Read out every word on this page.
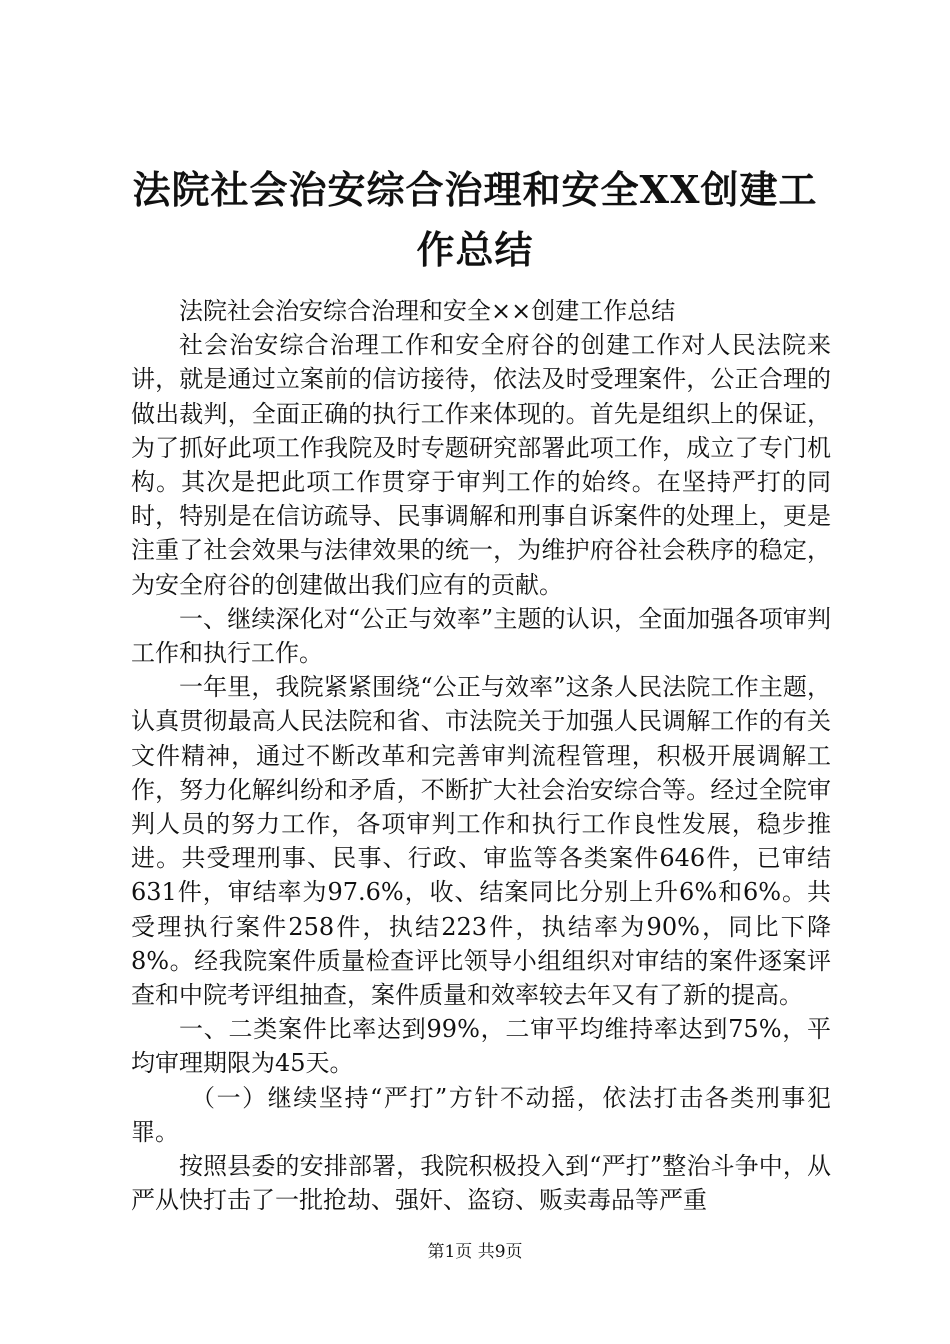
法院社会治安综合治理和安全XX创建工作总结

法院社会治安综合治理和安全××创建工作总结

社会治安综合治理工作和安全府谷的创建工作对人民法院来讲，就是通过立案前的信访接待，依法及时受理案件，公正合理的做出裁判，全面正确的执行工作来体现的。首先是组织上的保证，为了抓好此项工作我院及时专题研究部署此项工作，成立了专门机构。其次是把此项工作贯穿于审判工作的始终。在坚持严打的同时，特别是在信访疏导、民事调解和刑事自诉案件的处理上，更是注重了社会效果与法律效果的统一，为维护府谷社会秩序的稳定，为安全府谷的创建做出我们应有的贡献。

一、继续深化对“公正与效率”主题的认识，全面加强各项审判工作和执行工作。

一年里，我院紧紧围绕“公正与效率”这条人民法院工作主题，认真贯彻最高人民法院和省、市法院关于加强人民调解工作的有关文件精神，通过不断改革和完善审判流程管理，积极开展调解工作，努力化解纠纷和矛盾，不断扩大社会治安综合等。经过全院审判人员的努力工作，各项审判工作和执行工作良性发展，稳步推进。共受理刑事、民事、行政、审监等各类案件646件，已审结631件，审结率为97.6%，收、结案同比分别上升6%和6%。共受理执行案件258件，执结223件，执结率为90%，同比下降8%。经我院案件质量检查评比领导小组组织对审结的案件逐案评查和中院考评组抽查，案件质量和效率较去年又有了新的提高。

一、二类案件比率达到99%，二审平均维持率达到75%，平均审理期限为45天。

（一）继续坚持“严打”方针不动摇，依法打击各类刑事犯罪。

按照县委的安排部署，我院积极投入到“严打”整治斗争中，从严从快打击了一批抢劫、强奸、盗窃、贩卖毒品等严重

第1页 共9页
